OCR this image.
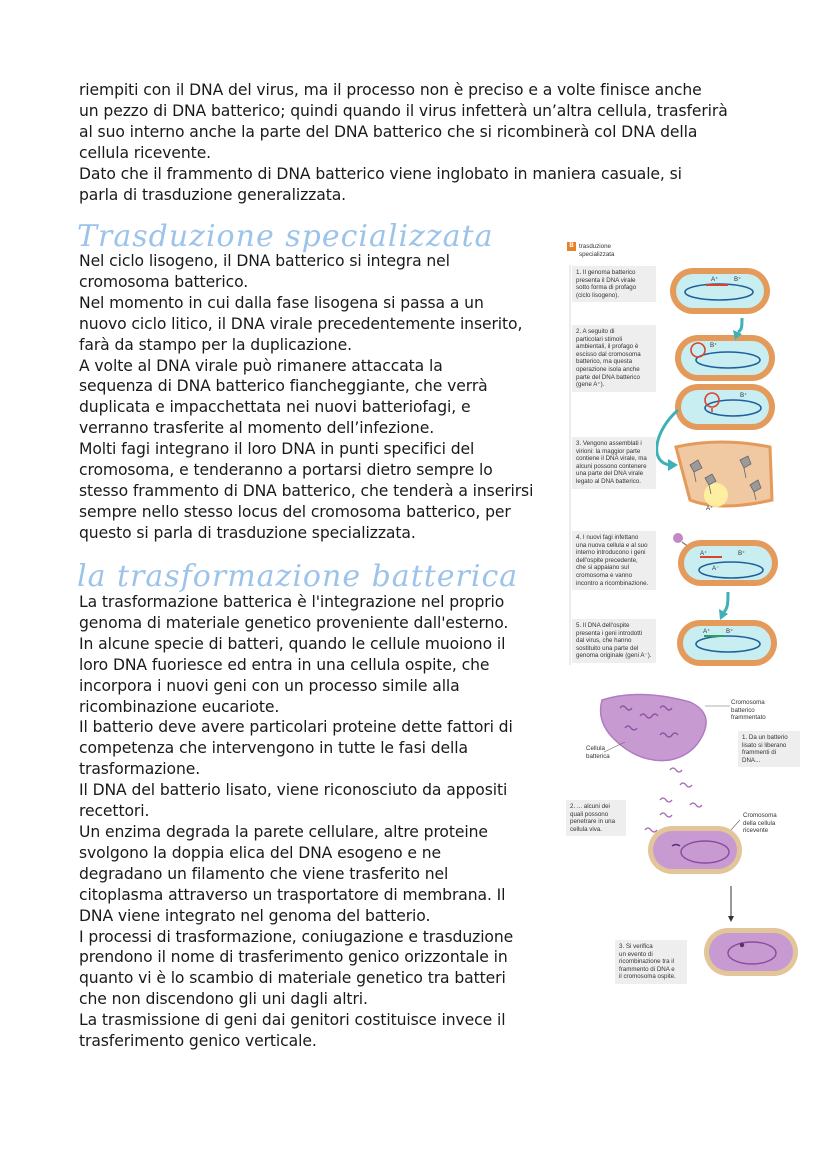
riempiti con il DNA del virus, ma il processo non è preciso e a volte finisce anche

un pezzo di DNA batterico; quindi quando il virus infetterà un’altra cellula, trasferirà

al suo interno anche la parte del DNA batterico che si ricombinerà col DNA della

cellula ricevente.

Dato che il frammento di DNA batterico viene inglobato in maniera casuale, si

parla di trasduzione generalizzata.

Trasduzione specializzata

Nel ciclo lisogeno, il DNA batterico si integra nel

cromosoma batterico.

Nel momento in cui dalla fase lisogena si passa a un

nuovo ciclo litico, il DNA virale precedentemente inserito,

farà da stampo per la duplicazione.

A volte al DNA virale può rimanere attaccata la

sequenza di DNA batterico fiancheggiante, che verrà

duplicata e impacchettata nei nuovi batteriofagi, e

verranno trasferite al momento dell’infezione.

Molti fagi integrano il loro DNA in punti specifici del

cromosoma, e tenderanno a portarsi dietro sempre lo

stesso frammento di DNA batterico, che tenderà a inserirsi

sempre nello stesso locus del cromosoma batterico, per

questo si parla di trasduzione specializzata.

la trasformazione batterica

La trasformazione batterica è l'integrazione nel proprio

genoma di materiale genetico proveniente dall'esterno.

In alcune specie di batteri, quando le cellule muoiono il

loro DNA fuoriesce ed entra in una cellula ospite, che

incorpora i nuovi geni con un processo simile alla

ricombinazione eucariote.

Il batterio deve avere particolari proteine dette fattori di

competenza che intervengono in tutte le fasi della

trasformazione.

Il DNA del batterio lisato, viene riconosciuto da appositi

recettori.

Un enzima degrada la parete cellulare, altre proteine

svolgono la doppia elica del DNA esogeno e ne

degradano un filamento che viene trasferito nel

citoplasma attraverso un trasportatore di membrana. Il

DNA viene integrato nel genoma del batterio.

I processi di trasformazione, coniugazione e trasduzione

prendono il nome di trasferimento genico orizzontale in

quanto vi è lo scambio di materiale genetico tra batteri

che non discendono gli uni dagli altri.

La trasmissione di geni dai genitori costituisce invece il

trasferimento genico verticale.

A⁺	B⁺
B⁺
B⁺
A⁺
A⁺	B⁺
A⁻
A⁺	B⁺
B trasduzione
specializzata
1. Il genoma batterico
presenta il DNA virale
sotto forma di profago
(ciclo lisogeno).
2. A seguito di
particolari stimoli
ambientali, il profago è
escisso dal cromosoma
batterico, ma questa
operazione isola anche
parte del DNA batterico
(gene A⁺).
3. Vengono assemblati i
virioni: la maggior parte
contiene il DNA virale, ma
alcuni possono contenere
una parte del DNA virale
legato al DNA batterico.
4. I nuovi fagi infettano
una nuova cellula e al suo
interno introducono i geni
dell'ospite precedente,
che si appaiano sul
cromosoma e vanno
incontro a ricombinazione.
5. Il DNA dell'ospite
presenta i geni introdotti
dal virus, che hanno
sostituito una parte del
genoma originale (geni A⁻).
Cromosoma
batterico
frammentato
Cellula
batterica
1. Da un batterio
lisato si liberano
frammenti di
DNA...
2. ... alcuni dei
quali possono
penetrare in una
cellula viva.
Cromosoma
della cellula
ricevente
3. Si verifica
un evento di
ricombinazione tra il
frammento di DNA e
il cromosoma ospite.
